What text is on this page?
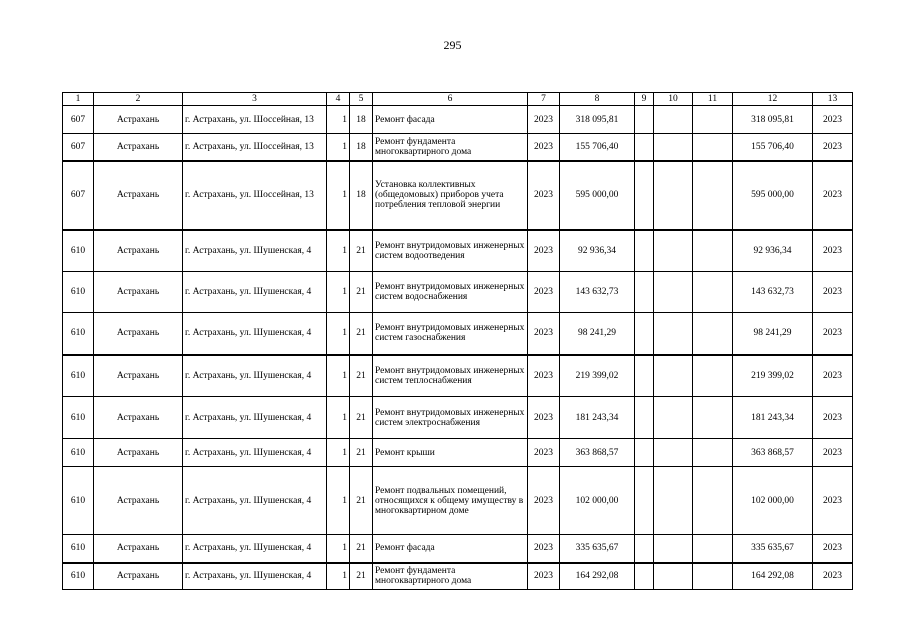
295
1	2	3	4	5	6	7	8	9	10	11	12	13
607	Астрахань	г. Астрахань, ул. Шоссейная, 13	1	18	Ремонт фасада	2023	318 095,81				318 095,81	2023
607	Астрахань	г. Астрахань, ул. Шоссейная, 13	1	18	Ремонт фундамента многоквартирного дома	2023	155 706,40				155 706,40	2023
607	Астрахань	г. Астрахань, ул. Шоссейная, 13	1	18	Установка коллективных (общедомовых) приборов учета потребления тепловой энергии	2023	595 000,00				595 000,00	2023
610	Астрахань	г. Астрахань, ул. Шушенская, 4	1	21	Ремонт внутридомовых инженерных систем водоотведения	2023	92 936,34				92 936,34	2023
610	Астрахань	г. Астрахань, ул. Шушенская, 4	1	21	Ремонт внутридомовых инженерных систем водоснабжения	2023	143 632,73				143 632,73	2023
610	Астрахань	г. Астрахань, ул. Шушенская, 4	1	21	Ремонт внутридомовых инженерных систем газоснабжения	2023	98 241,29				98 241,29	2023
610	Астрахань	г. Астрахань, ул. Шушенская, 4	1	21	Ремонт внутридомовых инженерных систем теплоснабжения	2023	219 399,02				219 399,02	2023
610	Астрахань	г. Астрахань, ул. Шушенская, 4	1	21	Ремонт внутридомовых инженерных систем электроснабжения	2023	181 243,34				181 243,34	2023
610	Астрахань	г. Астрахань, ул. Шушенская, 4	1	21	Ремонт крыши	2023	363 868,57				363 868,57	2023
610	Астрахань	г. Астрахань, ул. Шушенская, 4	1	21	Ремонт подвальных помещений, относящихся к общему имуществу в многоквартирном доме	2023	102 000,00				102 000,00	2023
610	Астрахань	г. Астрахань, ул. Шушенская, 4	1	21	Ремонт фасада	2023	335 635,67				335 635,67	2023
610	Астрахань	г. Астрахань, ул. Шушенская, 4	1	21	Ремонт фундамента многоквартирного дома	2023	164 292,08				164 292,08	2023
